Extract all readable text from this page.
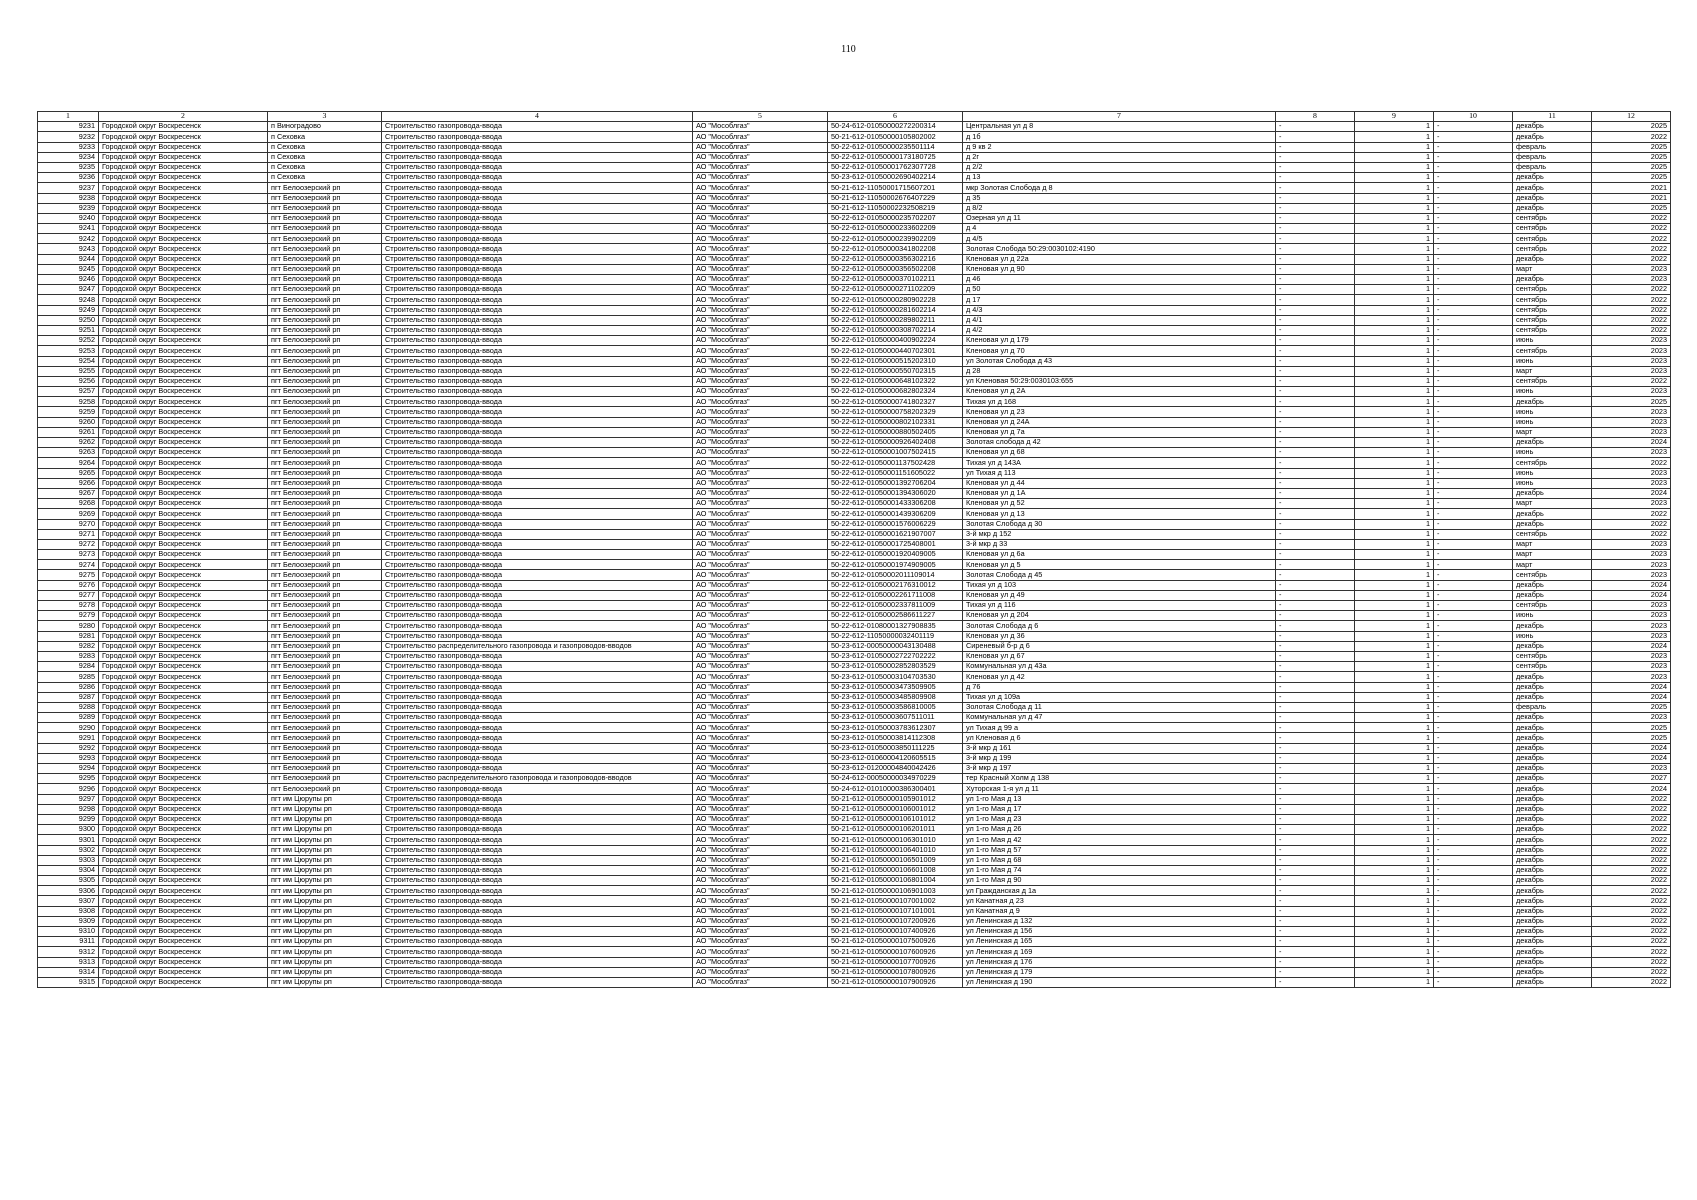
110
1	2	3	4	5	6	7	8	9	10	11	12
9231	Городской округ Воскресенск	п Виноградово	Строительство газопровода-ввода	АО "Мособлгаз"	50-24-612-01050000272200314	Центральная ул д 8	-	1	-	декабрь	2025
9232	Городской округ Воскресенск	п Сеховка	Строительство газопровода-ввода	АО "Мособлгаз"	50-21-612-01050000105802002	д 1б	-	1	-	декабрь	2022
9233	Городской округ Воскресенск	п Сеховка	Строительство газопровода-ввода	АО "Мособлгаз"	50-22-612-01050000235501114	д 9 кв 2	-	1	-	февраль	2025
9234	Городской округ Воскресенск	п Сеховка	Строительство газопровода-ввода	АО "Мособлгаз"	50-22-612-01050000173180725	д 2г	-	1	-	февраль	2025
9235	Городской округ Воскресенск	п Сеховка	Строительство газопровода-ввода	АО "Мособлгаз"	50-22-612-01050001762307728	д 2/2	-	1	-	февраль	2025
9236	Городской округ Воскресенск	п Сеховка	Строительство газопровода-ввода	АО "Мособлгаз"	50-23-612-01050002690402214	д 13	-	1	-	декабрь	2025
9237	Городской округ Воскресенск	пгт Белоозерский рп	Строительство газопровода-ввода	АО "Мособлгаз"	50-21-612-11050001715607201	мкр Золотая Слобода д 8	-	1	-	декабрь	2021
9238	Городской округ Воскресенск	пгт Белоозерский рп	Строительство газопровода-ввода	АО "Мособлгаз"	50-21-612-11050002676407229	д 35	-	1	-	декабрь	2021
9239	Городской округ Воскресенск	пгт Белоозерский рп	Строительство газопровода-ввода	АО "Мособлгаз"	50-21-612-11050002232508219	д 8/2	-	1	-	декабрь	2025
9240	Городской округ Воскресенск	пгт Белоозерский рп	Строительство газопровода-ввода	АО "Мособлгаз"	50-22-612-01050000235702207	Озерная ул д 11	-	1	-	сентябрь	2022
9241	Городской округ Воскресенск	пгт Белоозерский рп	Строительство газопровода-ввода	АО "Мособлгаз"	50-22-612-01050000233602209	д 4	-	1	-	сентябрь	2022
9242	Городской округ Воскресенск	пгт Белоозерский рп	Строительство газопровода-ввода	АО "Мособлгаз"	50-22-612-01050000239902209	д 4/5	-	1	-	сентябрь	2022
9243	Городской округ Воскресенск	пгт Белоозерский рп	Строительство газопровода-ввода	АО "Мособлгаз"	50-22-612-01050000341802208	Золотая Слобода 50:29:0030102:4190	-	1	-	сентябрь	2022
9244	Городской округ Воскресенск	пгт Белоозерский рп	Строительство газопровода-ввода	АО "Мособлгаз"	50-22-612-01050000356302216	Кленовая ул д 22а	-	1	-	декабрь	2022
9245	Городской округ Воскресенск	пгт Белоозерский рп	Строительство газопровода-ввода	АО "Мособлгаз"	50-22-612-01050000356502208	Кленовая ул д 90	-	1	-	март	2023
9246	Городской округ Воскресенск	пгт Белоозерский рп	Строительство газопровода-ввода	АО "Мособлгаз"	50-22-612-01050000370102211	д 46	-	1	-	декабрь	2023
9247	Городской округ Воскресенск	пгт Белоозерский рп	Строительство газопровода-ввода	АО "Мособлгаз"	50-22-612-01050000271102209	д 50	-	1	-	сентябрь	2022
9248	Городской округ Воскресенск	пгт Белоозерский рп	Строительство газопровода-ввода	АО "Мособлгаз"	50-22-612-01050000280902228	д 17	-	1	-	сентябрь	2022
9249	Городской округ Воскресенск	пгт Белоозерский рп	Строительство газопровода-ввода	АО "Мособлгаз"	50-22-612-01050000281602214	д 4/3	-	1	-	сентябрь	2022
9250	Городской округ Воскресенск	пгт Белоозерский рп	Строительство газопровода-ввода	АО "Мособлгаз"	50-22-612-01050000289802211	д 4/1	-	1	-	сентябрь	2022
9251	Городской округ Воскресенск	пгт Белоозерский рп	Строительство газопровода-ввода	АО "Мособлгаз"	50-22-612-01050000308702214	д 4/2	-	1	-	сентябрь	2022
9252	Городской округ Воскресенск	пгт Белоозерский рп	Строительство газопровода-ввода	АО "Мособлгаз"	50-22-612-01050000400902224	Кленовая ул д 179	-	1	-	июнь	2023
9253	Городской округ Воскресенск	пгт Белоозерский рп	Строительство газопровода-ввода	АО "Мособлгаз"	50-22-612-01050000440702301	Кленовая ул д 70	-	1	-	сентябрь	2023
9254	Городской округ Воскресенск	пгт Белоозерский рп	Строительство газопровода-ввода	АО "Мособлгаз"	50-22-612-01050000515202310	ул Золотая Слобода д 43	-	1	-	июнь	2023
9255	Городской округ Воскресенск	пгт Белоозерский рп	Строительство газопровода-ввода	АО "Мособлгаз"	50-22-612-01050000550702315	д 28	-	1	-	март	2023
9256	Городской округ Воскресенск	пгт Белоозерский рп	Строительство газопровода-ввода	АО "Мособлгаз"	50-22-612-01050000648102322	ул Кленовая 50:29:0030103:655	-	1	-	сентябрь	2022
9257	Городской округ Воскресенск	пгт Белоозерский рп	Строительство газопровода-ввода	АО "Мособлгаз"	50-22-612-01050000682802324	Кленовая ул д 2А	-	1	-	июнь	2023
9258	Городской округ Воскресенск	пгт Белоозерский рп	Строительство газопровода-ввода	АО "Мособлгаз"	50-22-612-01050000741802327	Тихая ул д 168	-	1	-	декабрь	2025
9259	Городской округ Воскресенск	пгт Белоозерский рп	Строительство газопровода-ввода	АО "Мособлгаз"	50-22-612-01050000758202329	Кленовая ул д 23	-	1	-	июнь	2023
9260	Городской округ Воскресенск	пгт Белоозерский рп	Строительство газопровода-ввода	АО "Мособлгаз"	50-22-612-01050000802102331	Кленовая ул д 24А	-	1	-	июнь	2023
9261	Городской округ Воскресенск	пгт Белоозерский рп	Строительство газопровода-ввода	АО "Мособлгаз"	50-22-612-01050000880502405	Кленовая ул д 7а	-	1	-	март	2023
9262	Городской округ Воскресенск	пгт Белоозерский рп	Строительство газопровода-ввода	АО "Мособлгаз"	50-22-612-01050000926402408	Золотая слобода д 42	-	1	-	декабрь	2024
9263	Городской округ Воскресенск	пгт Белоозерский рп	Строительство газопровода-ввода	АО "Мособлгаз"	50-22-612-01050001007502415	Кленовая ул д 68	-	1	-	июнь	2023
9264	Городской округ Воскресенск	пгт Белоозерский рп	Строительство газопровода-ввода	АО "Мособлгаз"	50-22-612-01050001137502428	Тихая ул д 143А	-	1	-	сентябрь	2022
9265	Городской округ Воскресенск	пгт Белоозерский рп	Строительство газопровода-ввода	АО "Мособлгаз"	50-22-612-01050001151605022	ул Тихая д 113	-	1	-	июнь	2023
9266	Городской округ Воскресенск	пгт Белоозерский рп	Строительство газопровода-ввода	АО "Мособлгаз"	50-22-612-01050001392706204	Кленовая ул д 44	-	1	-	июнь	2023
9267	Городской округ Воскресенск	пгт Белоозерский рп	Строительство газопровода-ввода	АО "Мособлгаз"	50-22-612-01050001394306020	Кленовая ул д 1А	-	1	-	декабрь	2024
9268	Городской округ Воскресенск	пгт Белоозерский рп	Строительство газопровода-ввода	АО "Мособлгаз"	50-22-612-01050001433306208	Кленовая ул д 52	-	1	-	март	2023
9269	Городской округ Воскресенск	пгт Белоозерский рп	Строительство газопровода-ввода	АО "Мособлгаз"	50-22-612-01050001439306209	Кленовая ул д 13	-	1	-	декабрь	2022
9270	Городской округ Воскресенск	пгт Белоозерский рп	Строительство газопровода-ввода	АО "Мособлгаз"	50-22-612-01050001576006229	Золотая Слобода д 30	-	1	-	декабрь	2022
9271	Городской округ Воскресенск	пгт Белоозерский рп	Строительство газопровода-ввода	АО "Мособлгаз"	50-22-612-01050001621907007	3-й мкр д 152	-	1	-	сентябрь	2022
9272	Городской округ Воскресенск	пгт Белоозерский рп	Строительство газопровода-ввода	АО "Мособлгаз"	50-22-612-01050001725408001	3-й мкр д 33	-	1	-	март	2023
9273	Городской округ Воскресенск	пгт Белоозерский рп	Строительство газопровода-ввода	АО "Мособлгаз"	50-22-612-01050001920409005	Кленовая ул д 6а	-	1	-	март	2023
9274	Городской округ Воскресенск	пгт Белоозерский рп	Строительство газопровода-ввода	АО "Мособлгаз"	50-22-612-01050001974909005	Кленовая ул д 5	-	1	-	март	2023
9275	Городской округ Воскресенск	пгт Белоозерский рп	Строительство газопровода-ввода	АО "Мособлгаз"	50-22-612-01050002011109014	Золотая Слобода д 45	-	1	-	сентябрь	2023
9276	Городской округ Воскресенск	пгт Белоозерский рп	Строительство газопровода-ввода	АО "Мособлгаз"	50-22-612-01050002176310012	Тихая ул д 103	-	1	-	декабрь	2024
9277	Городской округ Воскресенск	пгт Белоозерский рп	Строительство газопровода-ввода	АО "Мособлгаз"	50-22-612-01050002261711008	Кленовая ул д 49	-	1	-	декабрь	2024
9278	Городской округ Воскресенск	пгт Белоозерский рп	Строительство газопровода-ввода	АО "Мособлгаз"	50-22-612-01050002337811009	Тихая ул д 116	-	1	-	сентябрь	2023
9279	Городской округ Воскресенск	пгт Белоозерский рп	Строительство газопровода-ввода	АО "Мособлгаз"	50-22-612-01050002586611227	Кленовая ул д 204	-	1	-	июнь	2023
9280	Городской округ Воскресенск	пгт Белоозерский рп	Строительство газопровода-ввода	АО "Мособлгаз"	50-22-612-01080001327908835	Золотая Слобода д 6	-	1	-	декабрь	2023
9281	Городской округ Воскресенск	пгт Белоозерский рп	Строительство газопровода-ввода	АО "Мособлгаз"	50-22-612-11050000032401119	Кленовая ул д 36	-	1	-	июнь	2023
9282	Городской округ Воскресенск	пгт Белоозерский рп	Строительство распределительного газопровода и газопроводов-вводов	АО "Мособлгаз"	50-23-612-00050000043130488	Сиреневый б-р д 6	-	1	-	декабрь	2024
9283	Городской округ Воскресенск	пгт Белоозерский рп	Строительство газопровода-ввода	АО "Мособлгаз"	50-23-612-01050002722702222	Кленовая ул д 67	-	1	-	сентябрь	2023
9284	Городской округ Воскресенск	пгт Белоозерский рп	Строительство газопровода-ввода	АО "Мособлгаз"	50-23-612-01050002852803529	Коммунальная ул д 43а	-	1	-	сентябрь	2023
9285	Городской округ Воскресенск	пгт Белоозерский рп	Строительство газопровода-ввода	АО "Мособлгаз"	50-23-612-01050003104703530	Кленовая ул д 42	-	1	-	декабрь	2023
9286	Городской округ Воскресенск	пгт Белоозерский рп	Строительство газопровода-ввода	АО "Мособлгаз"	50-23-612-01050003473509905	д 76	-	1	-	декабрь	2024
9287	Городской округ Воскресенск	пгт Белоозерский рп	Строительство газопровода-ввода	АО "Мособлгаз"	50-23-612-01050003485809908	Тихая ул д 109а	-	1	-	декабрь	2024
9288	Городской округ Воскресенск	пгт Белоозерский рп	Строительство газопровода-ввода	АО "Мособлгаз"	50-23-612-01050003586810005	Золотая Слобода д 11	-	1	-	февраль	2025
9289	Городской округ Воскресенск	пгт Белоозерский рп	Строительство газопровода-ввода	АО "Мособлгаз"	50-23-612-01050003607511011	Коммунальная ул д 47	-	1	-	декабрь	2023
9290	Городской округ Воскресенск	пгт Белоозерский рп	Строительство газопровода-ввода	АО "Мособлгаз"	50-23-612-01050003783612307	ул Тихая д 99 а	-	1	-	декабрь	2025
9291	Городской округ Воскресенск	пгт Белоозерский рп	Строительство газопровода-ввода	АО "Мособлгаз"	50-23-612-01050003814112308	ул Кленовая д 6	-	1	-	декабрь	2025
9292	Городской округ Воскресенск	пгт Белоозерский рп	Строительство газопровода-ввода	АО "Мособлгаз"	50-23-612-01050003850111225	3-й мкр д 161	-	1	-	декабрь	2024
9293	Городской округ Воскресенск	пгт Белоозерский рп	Строительство газопровода-ввода	АО "Мособлгаз"	50-23-612-01060004120605515	3-й мкр д 199	-	1	-	декабрь	2024
9294	Городской округ Воскресенск	пгт Белоозерский рп	Строительство газопровода-ввода	АО "Мособлгаз"	50-23-612-01200004840042426	3-й мкр д 197	-	1	-	декабрь	2023
9295	Городской округ Воскресенск	пгт Белоозерский рп	Строительство распределительного газопровода и газопроводов-вводов	АО "Мособлгаз"	50-24-612-00050000034970229	тер Красный Холм д 138	-	1	-	декабрь	2027
9296	Городской округ Воскресенск	пгт Белоозерский рп	Строительство газопровода-ввода	АО "Мособлгаз"	50-24-612-01010000386300401	Хуторская 1-я ул д 11	-	1	-	декабрь	2024
9297	Городской округ Воскресенск	пгт им Цюрупы рп	Строительство газопровода-ввода	АО "Мособлгаз"	50-21-612-01050000105901012	ул 1-го Мая д 13	-	1	-	декабрь	2022
9298	Городской округ Воскресенск	пгт им Цюрупы рп	Строительство газопровода-ввода	АО "Мособлгаз"	50-21-612-01050000106001012	ул 1-го Мая д 17	-	1	-	декабрь	2022
9299	Городской округ Воскресенск	пгт им Цюрупы рп	Строительство газопровода-ввода	АО "Мособлгаз"	50-21-612-01050000106101012	ул 1-го Мая д 23	-	1	-	декабрь	2022
9300	Городской округ Воскресенск	пгт им Цюрупы рп	Строительство газопровода-ввода	АО "Мособлгаз"	50-21-612-01050000106201011	ул 1-го Мая д 26	-	1	-	декабрь	2022
9301	Городской округ Воскресенск	пгт им Цюрупы рп	Строительство газопровода-ввода	АО "Мособлгаз"	50-21-612-01050000106301010	ул 1-го Мая д 42	-	1	-	декабрь	2022
9302	Городской округ Воскресенск	пгт им Цюрупы рп	Строительство газопровода-ввода	АО "Мособлгаз"	50-21-612-01050000106401010	ул 1-го Мая д 57	-	1	-	декабрь	2022
9303	Городской округ Воскресенск	пгт им Цюрупы рп	Строительство газопровода-ввода	АО "Мособлгаз"	50-21-612-01050000106501009	ул 1-го Мая д 68	-	1	-	декабрь	2022
9304	Городской округ Воскресенск	пгт им Цюрупы рп	Строительство газопровода-ввода	АО "Мособлгаз"	50-21-612-01050000106601008	ул 1-го Мая д 74	-	1	-	декабрь	2022
9305	Городской округ Воскресенск	пгт им Цюрупы рп	Строительство газопровода-ввода	АО "Мособлгаз"	50-21-612-01050000106801004	ул 1-го Мая д 90	-	1	-	декабрь	2022
9306	Городской округ Воскресенск	пгт им Цюрупы рп	Строительство газопровода-ввода	АО "Мособлгаз"	50-21-612-01050000106901003	ул Гражданская д 1а	-	1	-	декабрь	2022
9307	Городской округ Воскресенск	пгт им Цюрупы рп	Строительство газопровода-ввода	АО "Мособлгаз"	50-21-612-01050000107001002	ул Канатная д 23	-	1	-	декабрь	2022
9308	Городской округ Воскресенск	пгт им Цюрупы рп	Строительство газопровода-ввода	АО "Мособлгаз"	50-21-612-01050000107101001	ул Канатная д 9	-	1	-	декабрь	2022
9309	Городской округ Воскресенск	пгт им Цюрупы рп	Строительство газопровода-ввода	АО "Мособлгаз"	50-21-612-01050000107200926	ул Ленинская д 132	-	1	-	декабрь	2022
9310	Городской округ Воскресенск	пгт им Цюрупы рп	Строительство газопровода-ввода	АО "Мособлгаз"	50-21-612-01050000107400926	ул Ленинская д 156	-	1	-	декабрь	2022
9311	Городской округ Воскресенск	пгт им Цюрупы рп	Строительство газопровода-ввода	АО "Мособлгаз"	50-21-612-01050000107500926	ул Ленинская д 165	-	1	-	декабрь	2022
9312	Городской округ Воскресенск	пгт им Цюрупы рп	Строительство газопровода-ввода	АО "Мособлгаз"	50-21-612-01050000107600926	ул Ленинская д 169	-	1	-	декабрь	2022
9313	Городской округ Воскресенск	пгт им Цюрупы рп	Строительство газопровода-ввода	АО "Мособлгаз"	50-21-612-01050000107700926	ул Ленинская д 176	-	1	-	декабрь	2022
9314	Городской округ Воскресенск	пгт им Цюрупы рп	Строительство газопровода-ввода	АО "Мособлгаз"	50-21-612-01050000107800926	ул Ленинская д 179	-	1	-	декабрь	2022
9315	Городской округ Воскресенск	пгт им Цюрупы рп	Строительство газопровода-ввода	АО "Мособлгаз"	50-21-612-01050000107900926	ул Ленинская д 190	-	1	-	декабрь	2022
